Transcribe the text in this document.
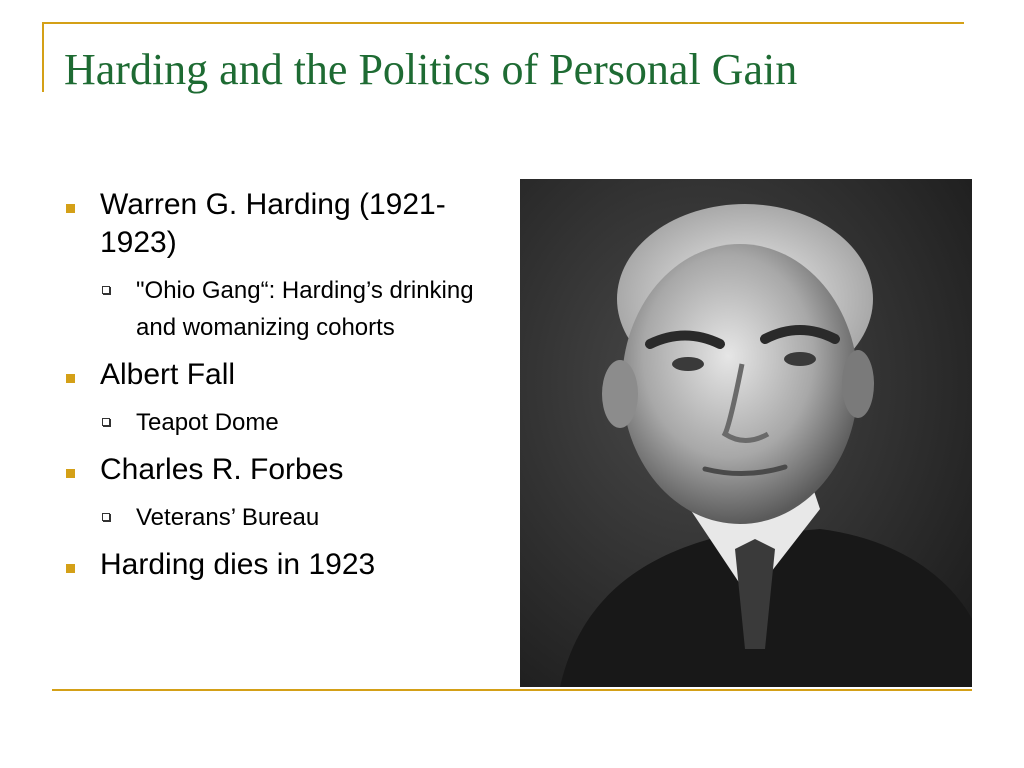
Harding and the Politics of Personal Gain
Warren G. Harding (1921-1923)
"Ohio Gang“: Harding’s drinking and womanizing cohorts
Albert Fall
Teapot Dome
Charles R. Forbes
Veterans’ Bureau
Harding dies in 1923
